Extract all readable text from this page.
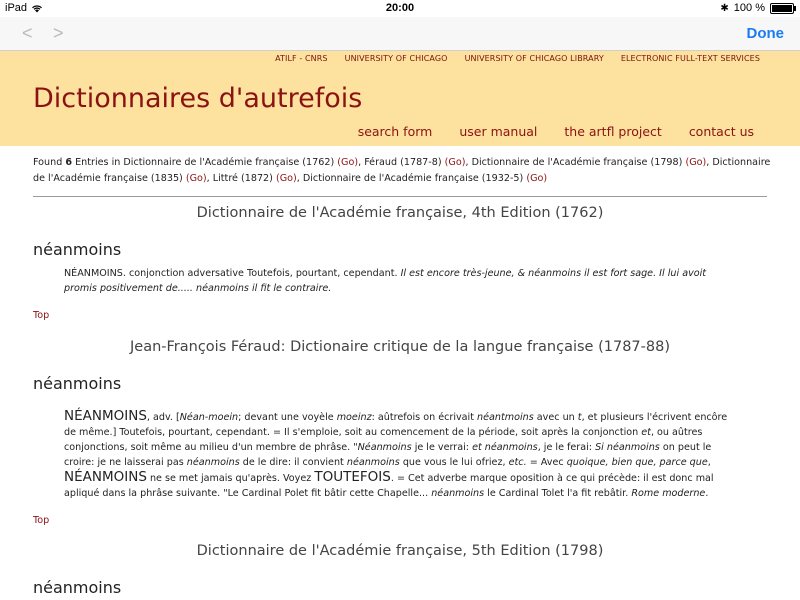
iPad	20:00	✱ 100 %
< >	Done
ATILF - CNRS UNIVERSITY OF CHICAGO UNIVERSITY OF CHICAGO LIBRARY ELECTRONIC FULL-TEXT SERVICES
Dictionnaires d'autrefois
search form user manual the artfl project contact us
Found 6 Entries in Dictionnaire de l'Académie française (1762) (Go), Féraud (1787-8) (Go), Dictionnaire de l'Académie française (1798) (Go), Dictionnaire de l'Académie française (1835) (Go), Littré (1872) (Go), Dictionnaire de l'Académie française (1932-5) (Go)
Dictionnaire de l'Académie française, 4th Edition (1762)
néanmoins
NÉANMOINS. conjonction adversative Toutefois, pourtant, cependant. Il est encore très-jeune, & néanmoins il est fort sage. Il lui avoit promis positivement de..... néanmoins il fit le contraire.
Top
Jean-François Féraud: Dictionaire critique de la langue française (1787-88)
néanmoins
NÉANMOINS, adv. [Néan-moein; devant une voyèle moeinz: aûtrefois on écrivait néantmoins avec un t, et plusieurs l'écrivent encôre de même.] Toutefois, pourtant, cependant. = Il s'emploie, soit au comencement de la période, soit après la conjonction et, ou aûtres conjonctions, soit même au milieu d'un membre de phrâse. "Néanmoins je le verrai: et néanmoins, je le ferai: Si néanmoins on peut le croire: je ne laisserai pas néanmoins de le dire: il convient néanmoins que vous le lui ofriez, etc. = Avec quoique, bien que, parce que, NÉANMOINS ne se met jamais qu'après. Voyez TOUTEFOIS. = Cet adverbe marque oposition à ce qui précède: il est donc mal apliqué dans la phrâse suivante. "Le Cardinal Polet fit bâtir cette Chapelle... néanmoins le Cardinal Tolet l'a fit rebâtir. Rome moderne.
Top
Dictionnaire de l'Académie française, 5th Edition (1798)
néanmoins
